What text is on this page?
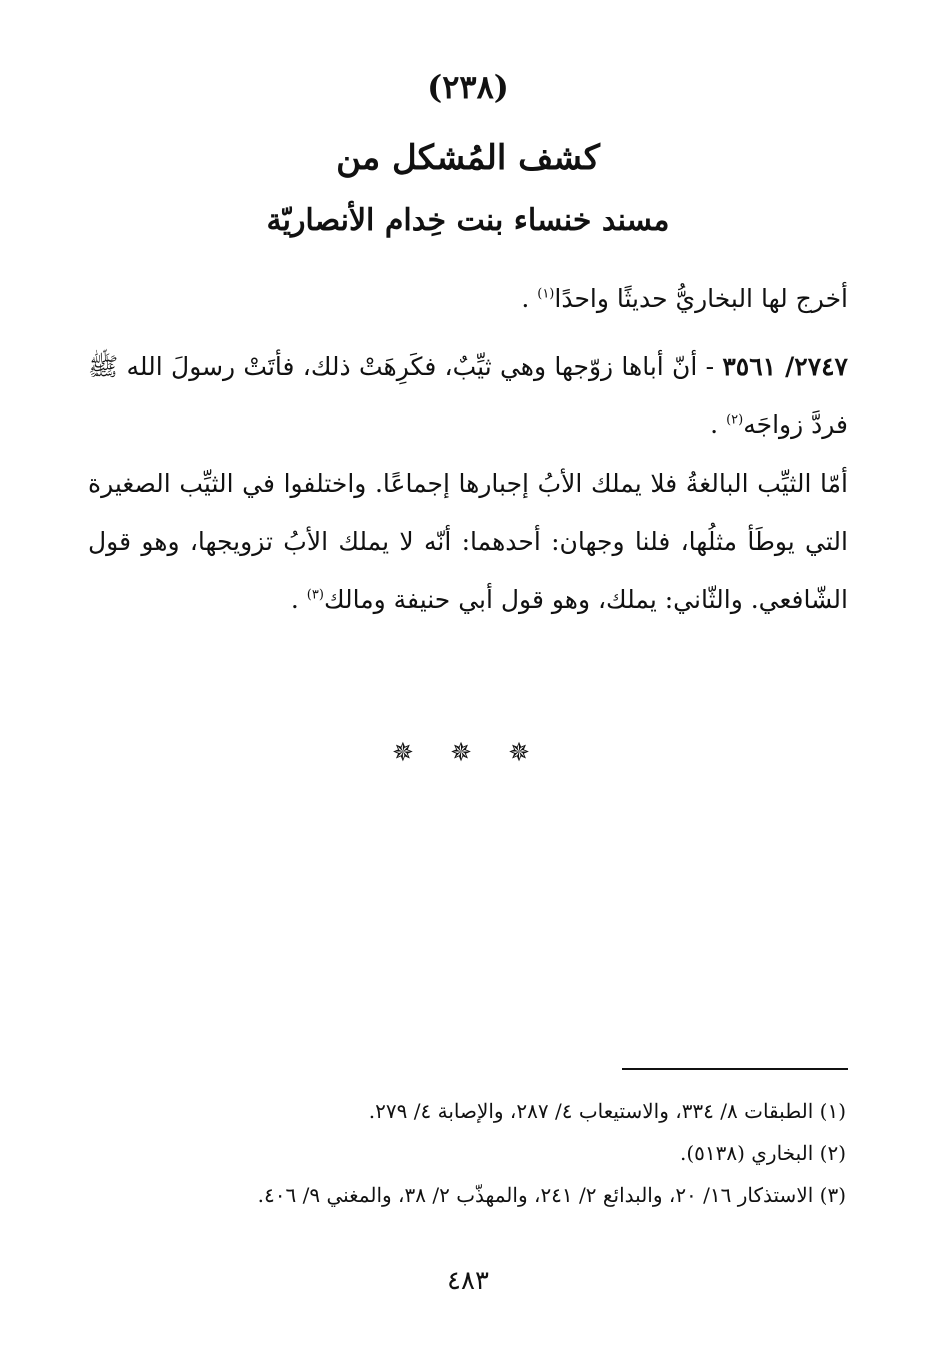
(٢٣٨)
كشف المُشكل من
مسند خنساء بنت خِدام الأنصاريّة
أخرج لها البخاريُّ حديثًا واحدًا$^{(١)}$ .
٢٧٤٧/ ٣٥٦١ - أنّ أباها زوّجها وهي ثيِّبٌ، فكَرِهَتْ ذلك، فأتَتْ رسولَ الله ﷺ فردَّ زواجَه$^{(٢)}$ .
أمّا الثيِّب البالغةُ فلا يملك الأبُ إجبارها إجماعًا. واختلفوا في الثيِّب الصغيرة التي يوطَأ مثلُها، فلنا وجهان: أحدهما: أنّه لا يملك الأبُ تزويجها، وهو قول الشّافعي. والثّاني: يملك، وهو قول أبي حنيفة ومالك$^{(٣)}$ .
✵ ✵ ✵
(١) الطبقات ٨/ ٣٣٤، والاستيعاب ٤/ ٢٨٧، والإصابة ٤/ ٢٧٩.
(٢) البخاري (٥١٣٨).
(٣) الاستذكار ١٦/ ٢٠، والبدائع ٢/ ٢٤١، والمهذّب ٢/ ٣٨، والمغني ٩/ ٤٠٦.
٤٨٣
